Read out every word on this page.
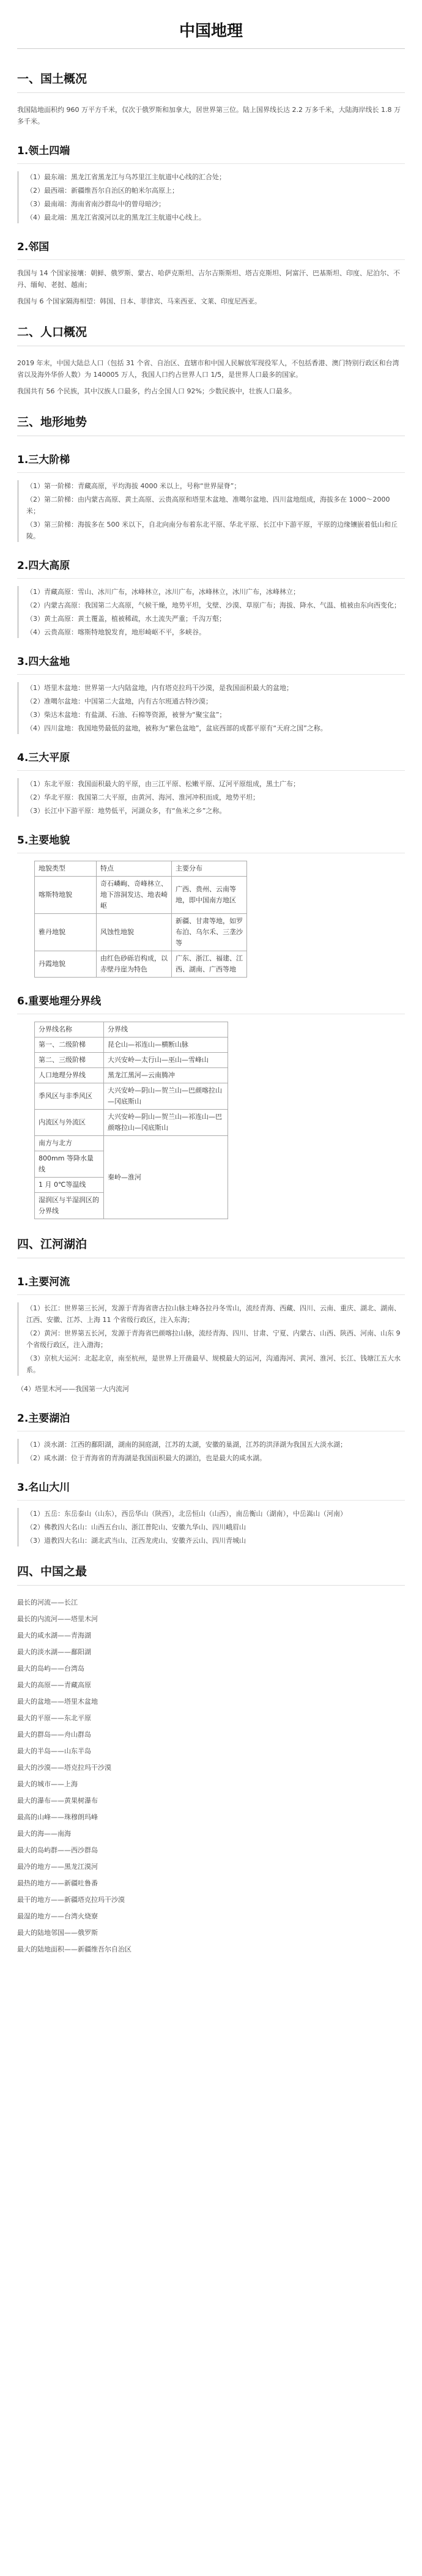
中国地理
一、国土概况

我国陆地面积约 960 万平方千米，仅次于俄罗斯和加拿大，居世界第三位。陆上国界线长达 2.2 万多千米，大陆海岸线长 1.8 万多千米。

1.领土四端
（1）最东端：黑龙江省黑龙江与乌苏里江主航道中心线的汇合处；
（2）最西端：新疆维吾尔自治区的帕米尔高原上；
（3）最南端：海南省南沙群岛中的曾母暗沙；
（4）最北端：黑龙江省漠河以北的黑龙江主航道中心线上。
2.邻国

我国与 14 个国家接壤：朝鲜、俄罗斯、蒙古、哈萨克斯坦、吉尔吉斯斯坦、塔吉克斯坦、阿富汗、巴基斯坦、印度、尼泊尔、不丹、缅甸、老挝、越南；

我国与 6 个国家隔海相望：韩国、日本、菲律宾、马来西亚、文莱、印度尼西亚。

二、人口概况

2019 年末，中国大陆总人口（包括 31 个省、自治区、直辖市和中国人民解放军现役军人，不包括香港、澳门特别行政区和台湾省以及海外华侨人数）为 140005 万人，我国人口约占世界人口 1/5，是世界人口最多的国家。

我国共有 56 个民族，其中汉族人口最多，约占全国人口 92%；少数民族中，壮族人口最多。

三、地形地势
1.三大阶梯
（1）第一阶梯：青藏高原，平均海拔 4000 米以上，号称“世界屋脊”；
（2）第二阶梯：由内蒙古高原、黄土高原、云贵高原和塔里木盆地、准噶尔盆地、四川盆地组成，海拔多在 1000～2000 米；
（3）第三阶梯：海拔多在 500 米以下，自北向南分布着东北平原、华北平原、长江中下游平原，平原的边缘镶嵌着低山和丘陵。
2.四大高原
（1）青藏高原：雪山、冰川广布，冰峰林立，冰川广布，冰峰林立，冰川广布，冰峰林立；
（2）内蒙古高原：我国第二大高原，气候干燥，地势平坦，戈壁、沙漠、草原广布；海拔、降水、气温、植被由东向西变化；
（3）黄土高原：黄土覆盖，植被稀疏，水土流失严重；千沟万壑；
（4）云贵高原：喀斯特地貌发育，地形崎岖不平，多峡谷。
3.四大盆地
（1）塔里木盆地：世界第一大内陆盆地，内有塔克拉玛干沙漠，是我国面积最大的盆地；
（2）准噶尔盆地：中国第二大盆地，内有古尔班通古特沙漠；
（3）柴达木盆地：有盐湖、石油、石棉等资源，被誉为“聚宝盆”；
（4）四川盆地：我国地势最低的盆地，被称为“紫色盆地”，盆底西部的成都平原有“天府之国”之称。
4.三大平原
（1）东北平原：我国面积最大的平原，由三江平原、松嫩平原、辽河平原组成，黑土广布；
（2）华北平原：我国第二大平原，由黄河、海河、淮河冲积而成，地势平坦；
（3）长江中下游平原：地势低平，河湖众多，有“鱼米之乡”之称。
5.主要地貌
地貌类型	特点	主要分布
喀斯特地貌	奇石嶙峋、奇峰林立、地下溶洞发达、地表崎岖	广西、贵州、云南等地，即中国南方地区
雅丹地貌	风蚀性地貌	新疆、甘肃等地，如罗布泊、乌尔禾、三垄沙等
丹霞地貌	由红色砂砾岩构成，以赤壁丹崖为特色	广东、浙江、福建、江西、湖南、广西等地
6.重要地理分界线
分界线名称	分界线
第一、二级阶梯	昆仑山—祁连山—横断山脉
第二、三级阶梯	大兴安岭—太行山—巫山—雪峰山
人口地理分界线	黑龙江黑河—云南腾冲
季风区与非季风区	大兴安岭—阴山—贺兰山—巴颜喀拉山—冈底斯山
内流区与外流区	大兴安岭—阴山—贺兰山—祁连山—巴颜喀拉山—冈底斯山
南方与北方	秦岭—淮河
800mm 等降水量线	
1 月 0℃等温线	
湿润区与半湿润区的分界线	
四、江河湖泊
1.主要河流
（1）长江：世界第三长河，发源于青海省唐古拉山脉主峰各拉丹冬雪山，流经青海、西藏、四川、云南、重庆、湖北、湖南、江西、安徽、江苏、上海 11 个省级行政区，注入东海；
（2）黄河：世界第五长河，发源于青海省巴颜喀拉山脉，流经青海、四川、甘肃、宁夏、内蒙古、山西、陕西、河南、山东 9 个省级行政区，注入渤海；
（3）京杭大运河：北起北京，南至杭州，是世界上开凿最早、规模最大的运河，沟通海河、黄河、淮河、长江、钱塘江五大水系。

（4）塔里木河——我国第一大内流河

2.主要湖泊
（1）淡水湖：江西的鄱阳湖，湖南的洞庭湖，江苏的太湖，安徽的巢湖，江苏的洪泽湖为我国五大淡水湖；
（2）咸水湖：位于青海省的青海湖是我国面积最大的湖泊，也是最大的咸水湖。
3.名山大川
（1）五岳：东岳泰山（山东），西岳华山（陕西），北岳恒山（山西），南岳衡山（湖南），中岳嵩山（河南）
（2）佛教四大名山：山西五台山、浙江普陀山、安徽九华山、四川峨眉山
（3）道教四大名山：湖北武当山、江西龙虎山、安徽齐云山、四川青城山
四、中国之最

最长的河流——长江

最长的内流河——塔里木河

最大的咸水湖——青海湖

最大的淡水湖——鄱阳湖

最大的岛屿——台湾岛

最大的高原——青藏高原

最大的盆地——塔里木盆地

最大的平原——东北平原

最大的群岛——舟山群岛

最大的半岛——山东半岛

最大的沙漠——塔克拉玛干沙漠

最大的城市——上海

最大的瀑布——黄果树瀑布

最高的山峰——珠穆朗玛峰

最大的海——南海

最大的岛屿群——西沙群岛

最冷的地方——黑龙江漠河

最热的地方——新疆吐鲁番

最干的地方——新疆塔克拉玛干沙漠

最湿的地方——台湾火烧寮

最大的陆地邻国——俄罗斯

最大的陆地面积——新疆维吾尔自治区
